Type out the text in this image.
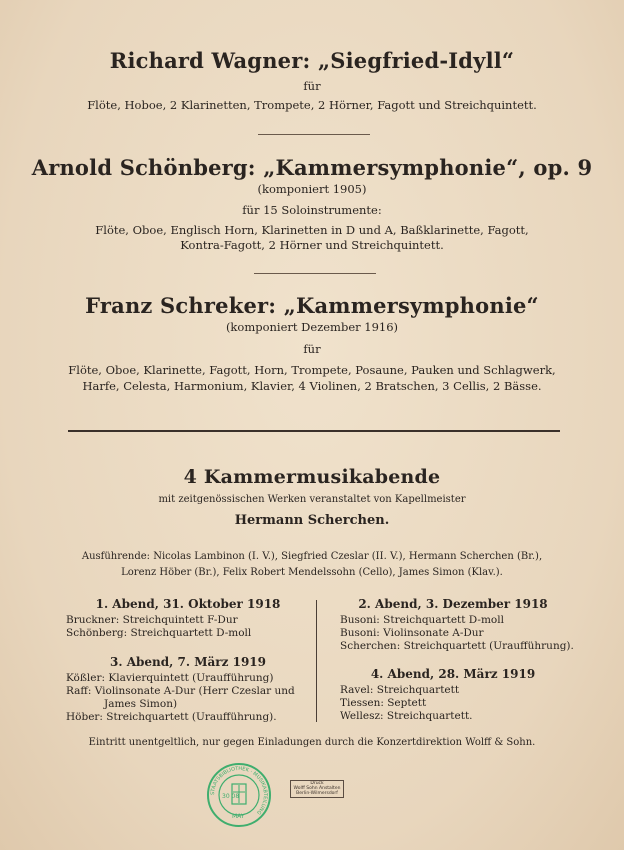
Richard Wagner: „Siegfried-Idyll“
für
Flöte, Hoboe, 2 Klarinetten, Trompete, 2 Hörner, Fagott und Streichquintett.
Arnold Schönberg: „Kammersymphonie“, op. 9
(komponiert 1905)
für 15 Soloinstrumente:
Flöte, Oboe, Englisch Horn, Klarinetten in D und A, Baßklarinette, Fagott,
Kontra-Fagott, 2 Hörner und Streichquintett.
Franz Schreker: „Kammersymphonie“
(komponiert Dezember 1916)
für
Flöte, Oboe, Klarinette, Fagott, Horn, Trompete, Posaune, Pauken und Schlagwerk,
Harfe, Celesta, Harmonium, Klavier, 4 Violinen, 2 Bratschen, 3 Cellis, 2 Bässe.
4 Kammermusikabende
mit zeitgenössischen Werken veranstaltet von Kapellmeister
Hermann Scherchen.
Ausführende: Nicolas Lambinon (I. V.), Siegfried Czeslar (II. V.), Hermann Scherchen (Br.),
Lorenz Höber (Br.), Felix Robert Mendelssohn (Cello), James Simon (Klav.).
1. Abend, 31. Oktober 1918
Bruckner: Streichquintett F-Dur
Schönberg: Streichquartett D-moll
3. Abend, 7. März 1919
Kößler: Klavierquintett (Uraufführung)
Raff: Violinsonate A-Dur (Herr Czeslar und
James Simon)
Höber: Streichquartett (Uraufführung).
2. Abend, 3. Dezember 1918
Busoni: Streichquartett D-moll
Busoni: Violinsonate A-Dur
Scherchen: Streichquartett (Uraufführung).
4. Abend, 28. März 1919
Ravel: Streichquartett
Tiessen: Septett
Wellesz: Streichquartett.
Eintritt unentgeltlich, nur gegen Einladungen durch die Konzertdirektion Wolff & Sohn.
STAATSBIBLIOTHEK · MUSIKABTEILUNG
30 08
MAY
Druck
Wolff Sohn Anstalten
Berlin-Wilmersdorf
